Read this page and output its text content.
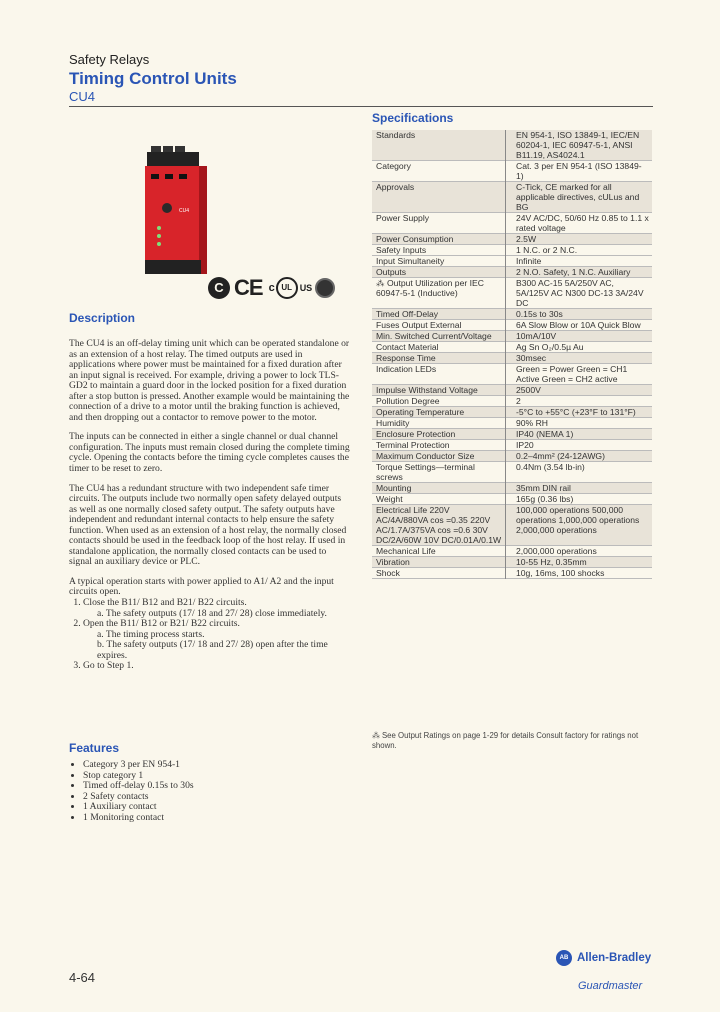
Safety Relays
Timing Control Units
CU4
CU4
C CE c UL US
Description

The CU4 is an off-delay timing unit which can be operated standalone or as an extension of a host relay. The timed outputs are used in applications where power must be maintained for a fixed duration after an input signal is received. For example, driving a power to lock TLS-GD2 to maintain a guard door in the locked position for a fixed duration after a stop button is pressed. Another example would be maintaining the connection of a drive to a motor until the braking function is achieved, and then dropping out a contactor to remove power to the motor.

The inputs can be connected in either a single channel or dual channel configuration. The inputs must remain closed during the complete timing cycle. Opening the contacts before the timing cycle completes causes the timer to be reset to zero.

The CU4 has a redundant structure with two independent safe timer circuits. The outputs include two normally open safety delayed outputs as well as one normally closed safety output. The safety outputs have independent and redundant internal contacts to help ensure the safety function. When used as an extension of a host relay, the normally closed contacts should be used in the feedback loop of the host relay. If used in standalone application, the normally closed contacts can be used to signal an auxiliary device or PLC.

A typical operation starts with power applied to A1/ A2 and the input circuits open.

1. Close the B11/ B12 and B21/ B22 circuits.
a. The safety outputs (17/ 18 and 27/ 28) close immediately.
2. Open the B11/ B12 or B21/ B22 circuits.
a. The timing process starts.
b. The safety outputs (17/ 18 and 27/ 28) open after the time expires.
3. Go to Step 1.
Features
• Category 3 per EN 954-1
• Stop category 1
• Timed off-delay 0.15s to 30s
• 2 Safety contacts
• 1 Auxiliary contact
• 1 Monitoring contact
Specifications
Standards	EN 954-1, ISO 13849-1, IEC/EN 60204-1, IEC 60947-5-1, ANSI B11.19, AS4024.1
Category	Cat. 3 per EN 954-1 (ISO 13849-1)
Approvals	C-Tick, CE marked for all applicable directives, cULus and BG
Power Supply	24V AC/DC, 50/60 Hz 0.85 to 1.1 x rated voltage
Power Consumption	2.5W
Safety Inputs	1 N.C. or 2 N.C.
Input Simultaneity	Infinite
Outputs	2 N.O. Safety, 1 N.C. Auxiliary
⁂ Output Utilization per IEC 60947-5-1 (Inductive)	B300 AC-15 5A/250V AC, 5A/125V AC N300 DC-13 3A/24V DC
Timed Off-Delay	0.15s to 30s
Fuses Output External	6A Slow Blow or 10A Quick Blow
Min. Switched Current/Voltage	10mA/10V
Contact Material	Ag Sn O₂/0.5µ Au
Response Time	30msec
Indication LEDs	Green = Power Green = CH1 Active Green = CH2 active
Impulse Withstand Voltage	2500V
Pollution Degree	2
Operating Temperature	-5°C to +55°C (+23°F to 131°F)
Humidity	90% RH
Enclosure Protection	IP40 (NEMA 1)
Terminal Protection	IP20
Maximum Conductor Size	0.2–4mm² (24-12AWG)
Torque Settings—terminal screws	0.4Nm (3.54 lb-in)
Mounting	35mm DIN rail
Weight	165g (0.36 lbs)
Electrical Life 220V AC/4A/880VA cos =0.35 220V AC/1.7A/375VA cos =0.6 30V DC/2A/60W 10V DC/0.01A/0.1W	100,000 operations 500,000 operations 1,000,000 operations 2,000,000 operations
Mechanical Life	2,000,000 operations
Vibration	10-55 Hz, 0.35mm
Shock	10g, 16ms, 100 shocks
⁂ See Output Ratings on page 1-29 for details Consult factory for ratings not shown.
4-64
AB Allen-Bradley
Guardmaster
